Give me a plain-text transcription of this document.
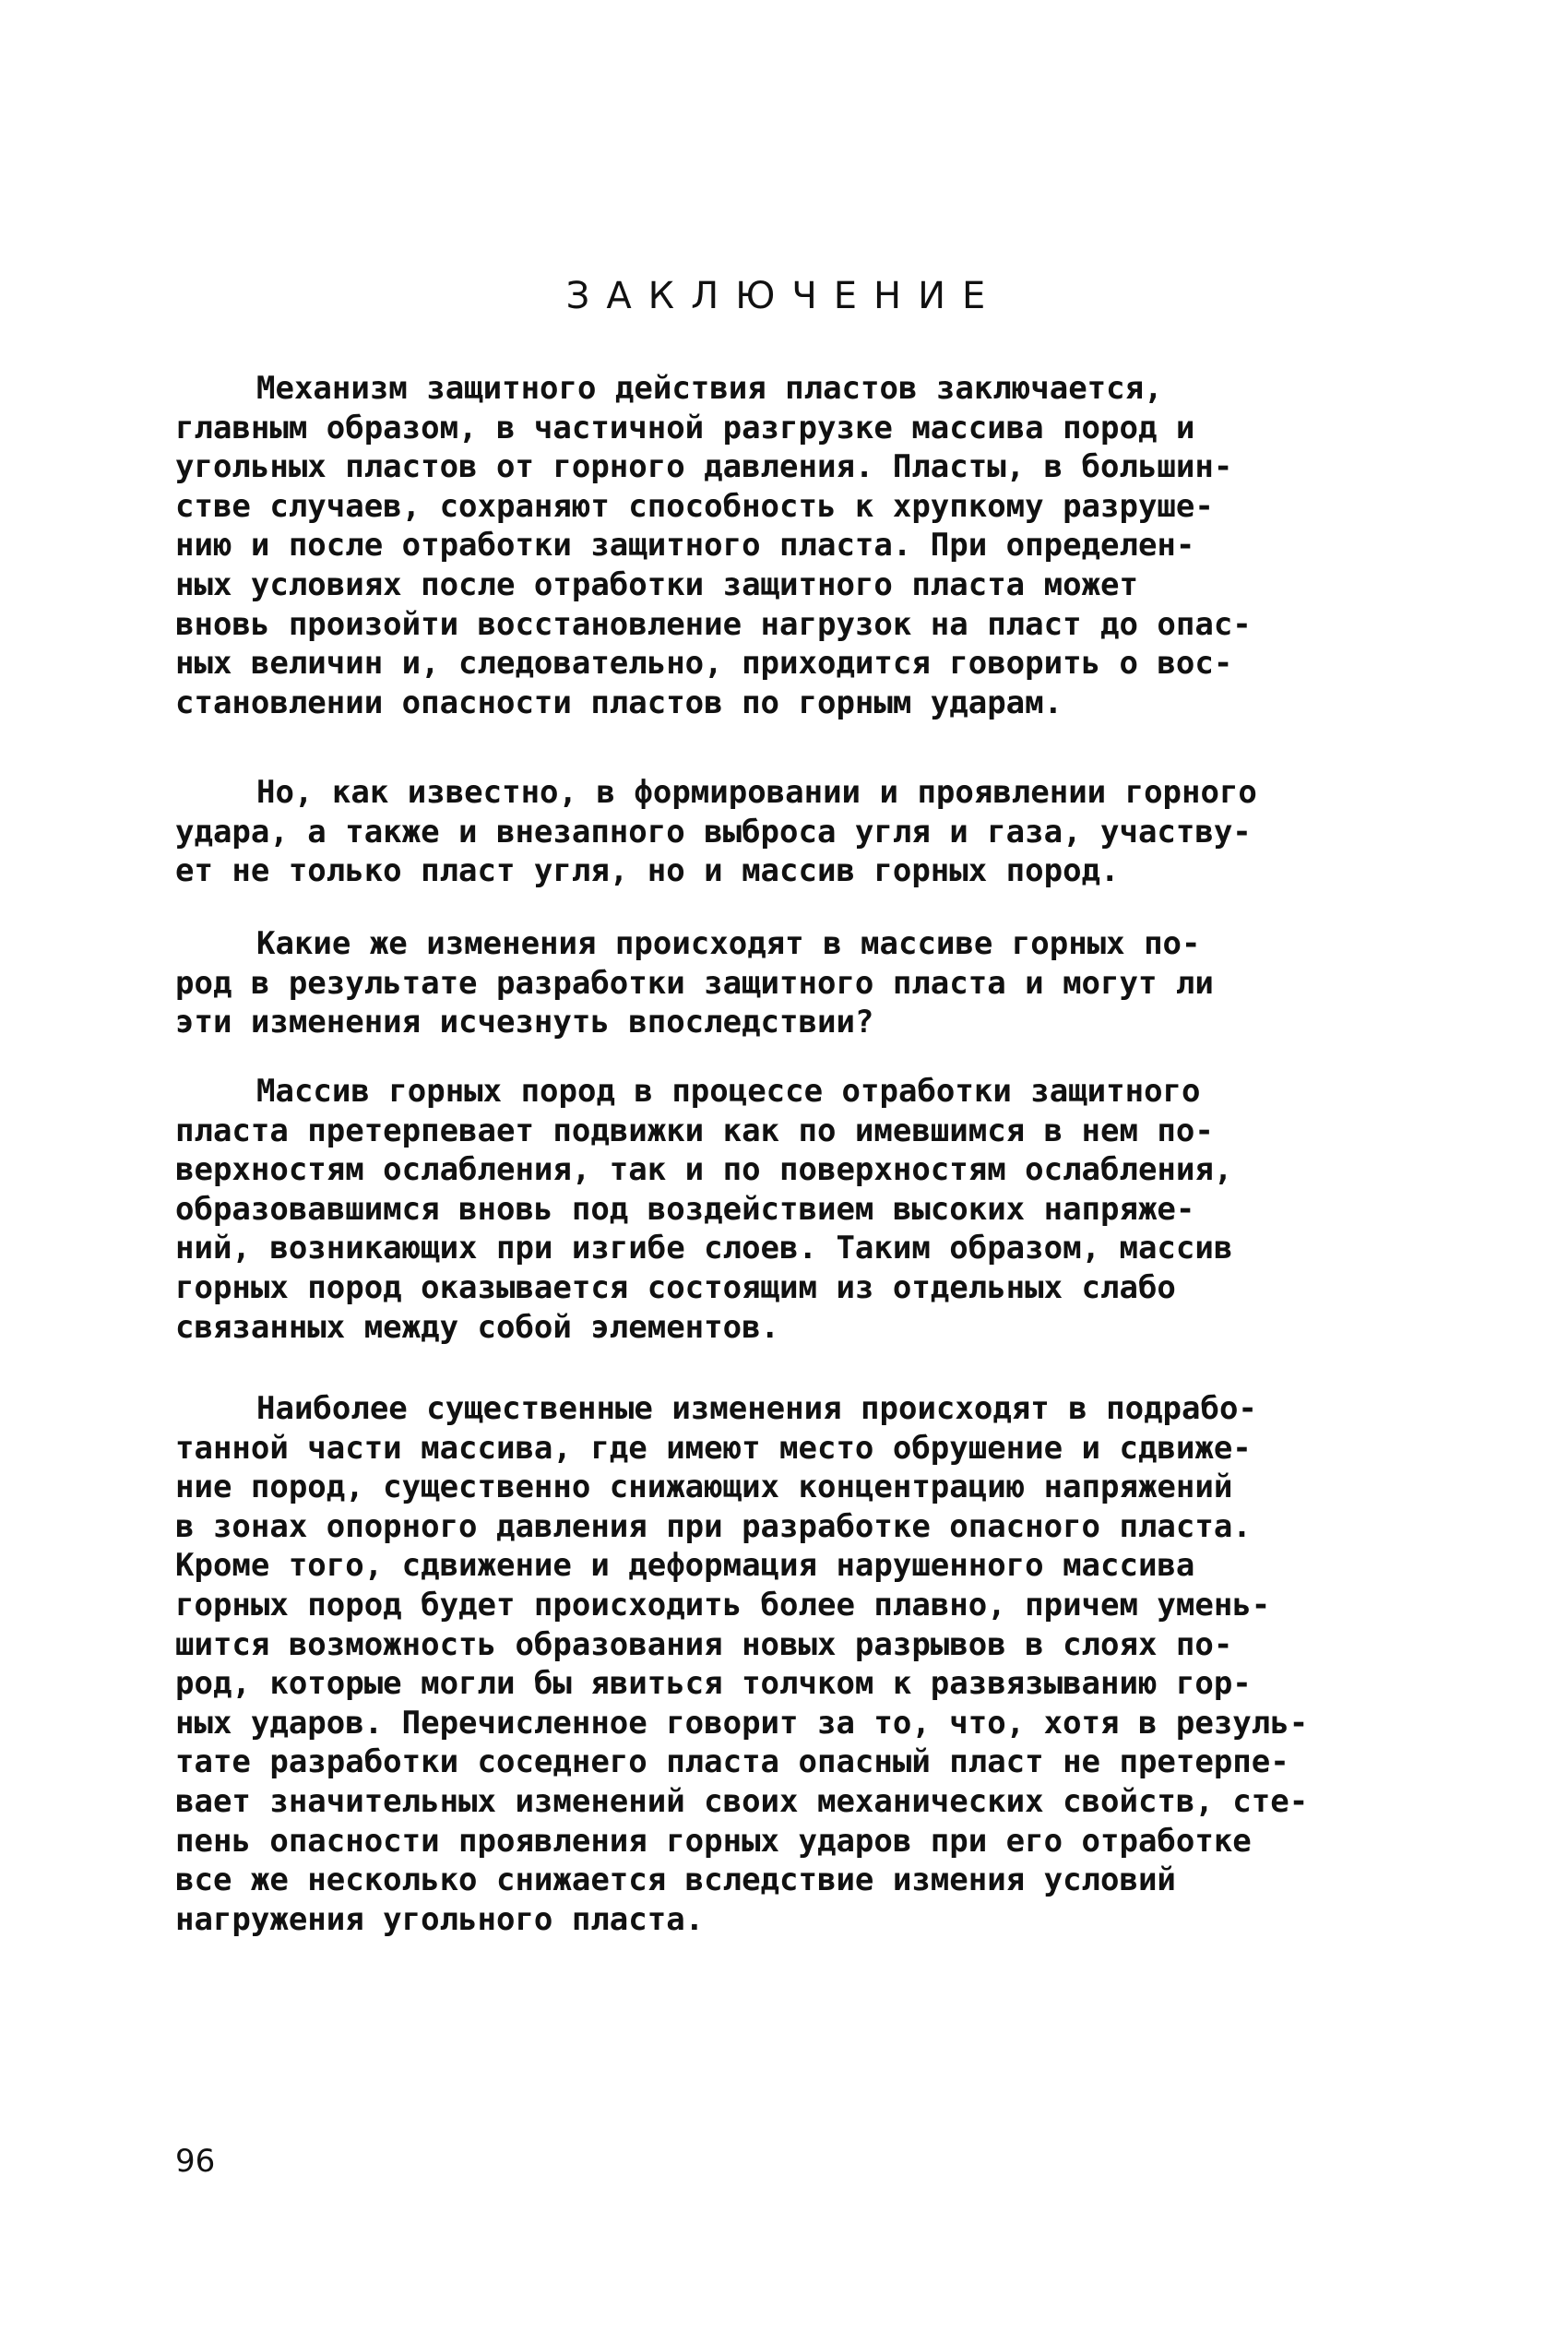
ЗАКЛЮЧЕНИЕ

Механизм защитного действия пластов заключается,
главным образом, в частичной разгрузке массива пород и
угольных пластов от горного давления. Пласты, в большин-
стве случаев, сохраняют способность к хрупкому разруше-
нию и после отработки защитного пласта. При определен-
ных условиях после отработки защитного пласта может
вновь произойти восстановление нагрузок на пласт до опас-
ных величин и, следовательно, приходится говорить о вос-
становлении опасности пластов по горным ударам.

Но, как известно, в формировании и проявлении горного
удара, а также и внезапного выброса угля и газа, участву-
ет не только пласт угля, но и массив горных пород.

Какие же изменения происходят в массиве горных по-
род в результате разработки защитного пласта и могут ли
эти изменения исчезнуть впоследствии?

Массив горных пород в процессе отработки защитного
пласта претерпевает подвижки как по имевшимся в нем по-
верхностям ослабления, так и по поверхностям ослабления,
образовавшимся вновь под воздействием высоких напряже-
ний, возникающих при изгибе слоев. Таким образом, массив
горных пород оказывается состоящим из отдельных слабо
связанных между собой элементов.

Наиболее существенные изменения происходят в подрабо-
танной части массива, где имеют место обрушение и сдвиже-
ние пород, существенно снижающих концентрацию напряжений
в зонах опорного давления при разработке опасного пласта.
Кроме того, сдвижение и деформация нарушенного массива
горных пород будет происходить более плавно, причем умень-
шится возможность образования новых разрывов в слоях по-
род, которые могли бы явиться толчком к развязыванию гор-
ных ударов. Перечисленное говорит за то, что, хотя в резуль-
тате разработки соседнего пласта опасный пласт не претерпе-
вает значительных изменений своих механических свойств, сте-
пень опасности проявления горных ударов при его отработке
все же несколько снижается вследствие измения условий
нагружения угольного пласта.

96
